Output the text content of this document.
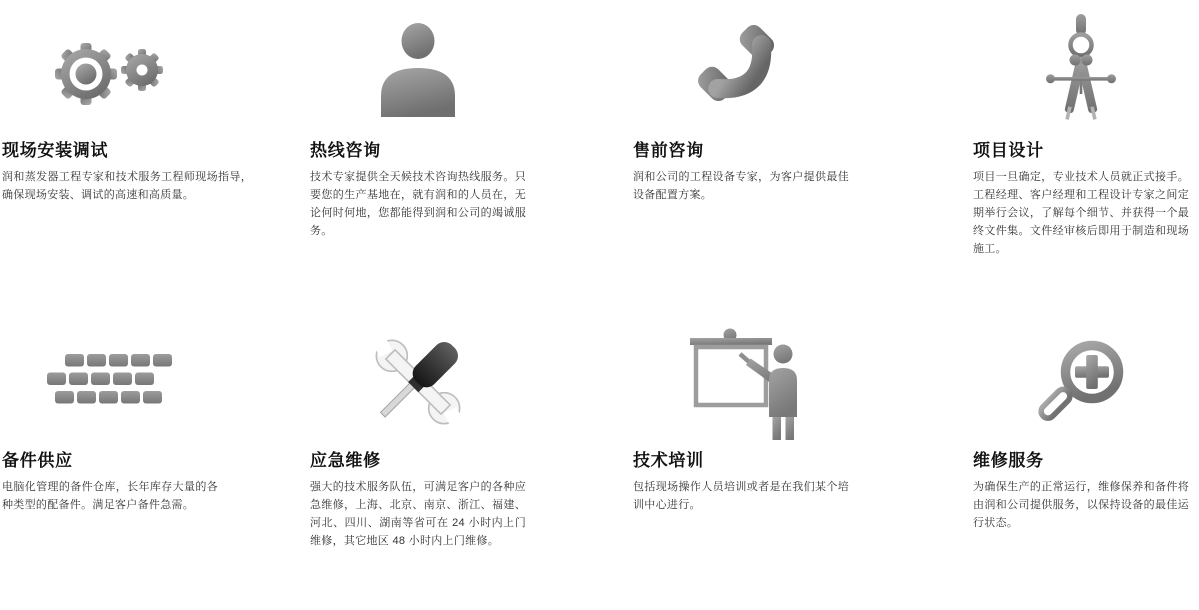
现场安装调试
润和蒸发器工程专家和技术服务工程师现场指导，确保现场安装、调试的高速和高质量。
热线咨询
技术专家提供全天候技术咨询热线服务。只要您的生产基地在，就有润和的人员在，无论何时何地，您都能得到润和公司的竭诚服务。
售前咨询
润和公司的工程设备专家，为客户提供最佳设备配置方案。
项目设计
项目一旦确定，专业技术人员就正式接手。工程经理、客户经理和工程设计专家之间定期举行会议，了解每个细节、并获得一个最终文件集。文件经审核后即用于制造和现场施工。
备件供应
电脑化管理的备件仓库，长年库存大量的各种类型的配备件。满足客户备件急需。
应急维修
强大的技术服务队伍，可满足客户的各种应急维修，上海、北京、南京、浙江、福建、河北、四川、湖南等省可在 24 小时内上门维修，其它地区 48 小时内上门维修。
技术培训
包括现场操作人员培训或者是在我们某个培训中心进行。
维修服务
为确保生产的正常运行，维修保养和备件将由润和公司提供服务，以保持设备的最佳运行状态。
